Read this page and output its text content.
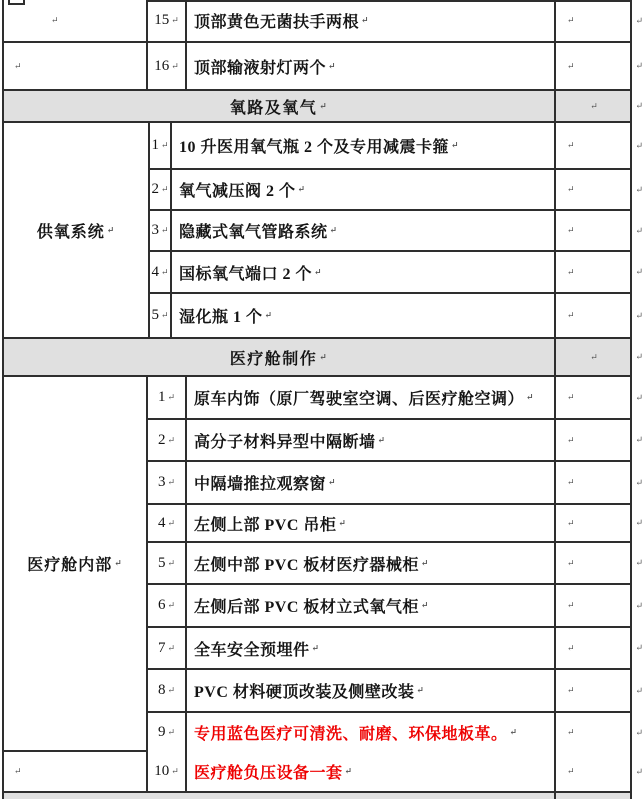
↵	15 ↵ 顶部黄色无菌扶手两根 ↵	↵	↵
↵	16 ↵ 顶部输液射灯两个 ↵	↵	↵
氧路及氧气 ↵	↵	↵
供氧系统 ↵
1 ↵ 10 升医用氧气瓶 2 个及专用减震卡箍 ↵	↵	↵
2 ↵ 氧气减压阀 2 个 ↵	↵	↵
3 ↵ 隐藏式氧气管路系统 ↵	↵	↵
4 ↵ 国标氧气端口 2 个 ↵	↵	↵
5 ↵ 湿化瓶 1 个 ↵	↵	↵
医疗舱制作 ↵	↵	↵
医疗舱内部 ↵
1 ↵ 原车内饰（原厂驾驶室空调、后医疗舱空调） ↵	↵	↵
2 ↵ 高分子材料异型中隔断墙 ↵	↵	↵
3 ↵ 中隔墙推拉观察窗 ↵	↵	↵
4 ↵ 左侧上部 PVC 吊柜 ↵	↵	↵
5 ↵ 左侧中部 PVC 板材医疗器械柜 ↵	↵	↵
6 ↵ 左侧后部 PVC 板材立式氧气柜 ↵	↵	↵
7 ↵ 全车安全预埋件 ↵	↵	↵
8 ↵ PVC 材料硬顶改装及侧壁改装 ↵	↵	↵
9 ↵ 专用蓝色医疗可清洗、耐磨、环保地板革。 ↵	↵	↵
↵	10 ↵ 医疗舱负压设备一套 ↵	↵	↵
